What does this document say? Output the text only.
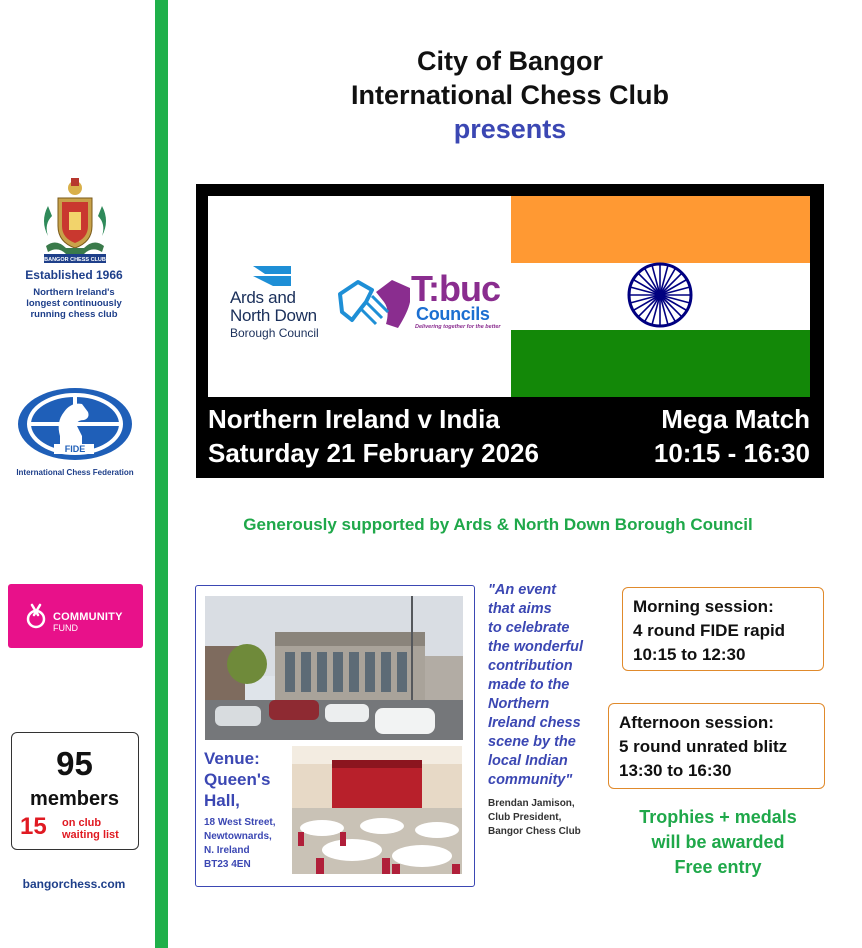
BANGOR CHESS CLUB
Established 1966
Northern Ireland's
longest continuously
running chess club
FIDE
International Chess Federation
COMMUNITY
FUND
95
members
15 on club
waiting list
bangorchess.com
City of Bangor
International Chess Club
presents
Ards and
North Down
Borough Council
T:buc
Councils
Delivering together for the better
Northern Ireland v India
Saturday 21 February 2026
Mega Match
10:15 - 16:30
Generously supported by Ards & North Down Borough Council
Venue:
Queen's
Hall,
18 West Street,
Newtownards,
N. Ireland
BT23 4EN
"An event
that aims
to celebrate
the wonderful
contribution
made to the
Northern
Ireland chess
scene by the
local Indian
community"
Brendan Jamison,
Club President,
Bangor Chess Club
Morning session:
4 round FIDE rapid
10:15 to 12:30
Afternoon session:
5 round unrated blitz
13:30 to 16:30
Trophies + medals
will be awarded
Free entry
